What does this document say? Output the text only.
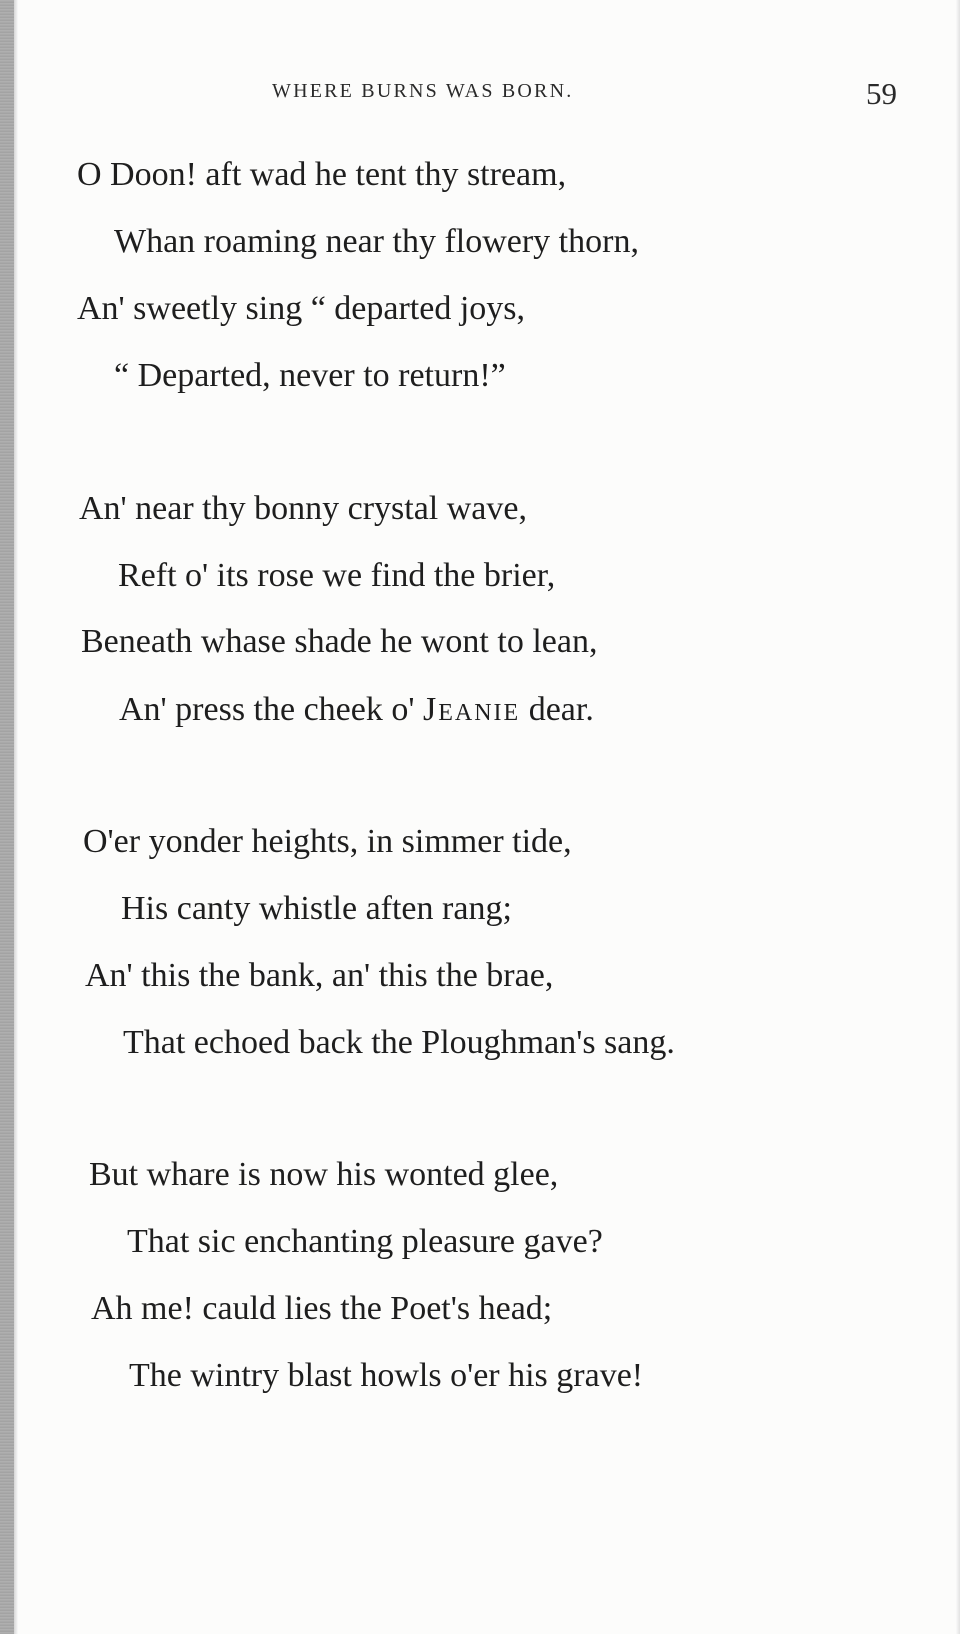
WHERE BURNS WAS BORN.	59
O Doon! aft wad he tent thy stream,
Whan roaming near thy flowery thorn,
An' sweetly sing “ departed joys,
“ Departed, never to return!”
An' near thy bonny crystal wave,
Reft o' its rose we find the brier,
Beneath whase shade he wont to lean,
An' press the cheek o' Jeanie dear.
O'er yonder heights, in simmer tide,
His canty whistle aften rang;
An' this the bank, an' this the brae,
That echoed back the Ploughman's sang.
But whare is now his wonted glee,
That sic enchanting pleasure gave?
Ah me! cauld lies the Poet's head;
The wintry blast howls o'er his grave!
